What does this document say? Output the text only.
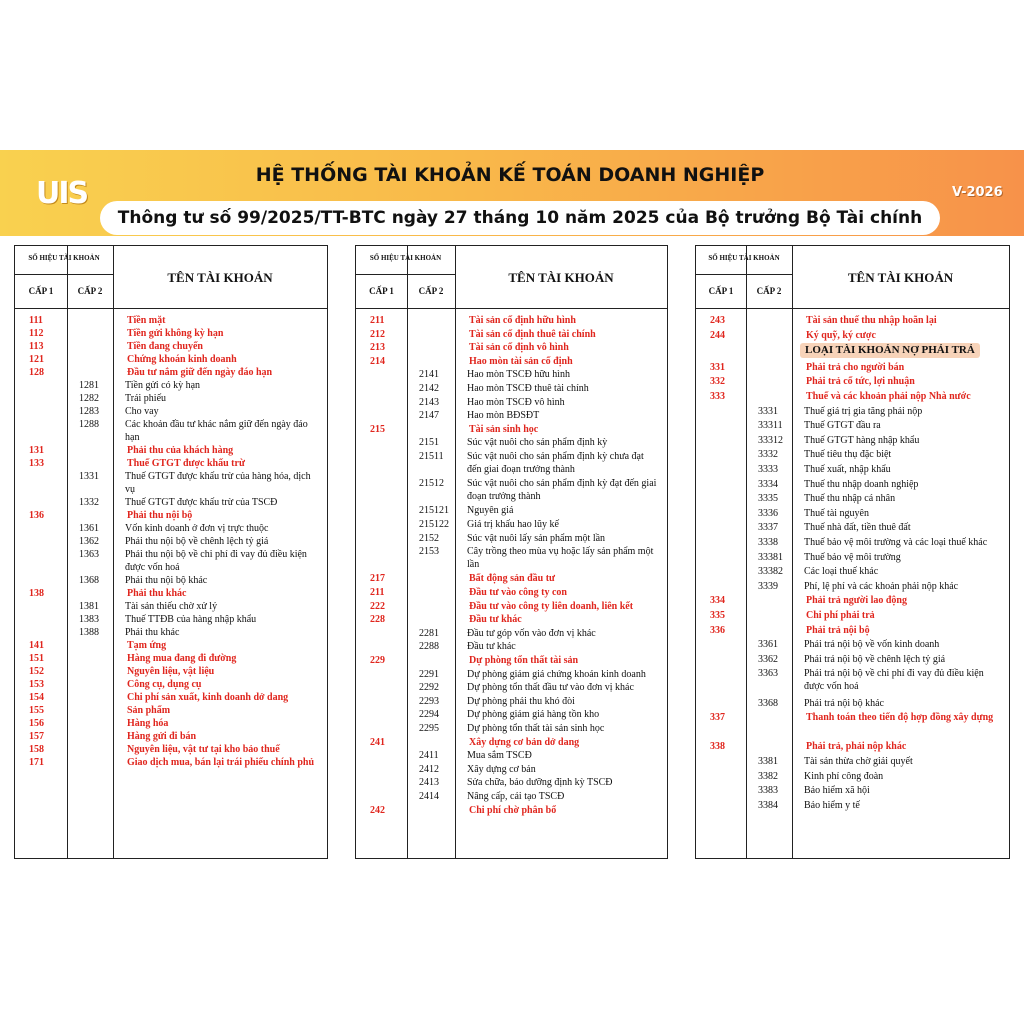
UIS
HỆ THỐNG TÀI KHOẢN KẾ TOÁN DOANH NGHIỆP
Thông tư số 99/2025/TT-BTC ngày 27 tháng 10 năm 2025 của Bộ trưởng Bộ Tài chính
V-2026
SỐ HIỆU TÀI KHOẢN
CẤP 1	CẤP 2
TÊN TÀI KHOẢN
111	Tiền mặt
112	Tiền gửi không kỳ hạn
113	Tiền đang chuyển
121	Chứng khoán kinh doanh
128	Đầu tư nắm giữ đến ngày đáo hạn
1281	Tiền gửi có kỳ hạn
1282	Trái phiếu
1283	Cho vay
1288	Các khoản đầu tư khác nắm giữ đến ngày đáo hạn
131	Phải thu của khách hàng
133	Thuế GTGT được khấu trừ
1331	Thuế GTGT được khấu trừ của hàng hóa, dịch vụ
1332	Thuế GTGT được khấu trừ của TSCĐ
136	Phải thu nội bộ
1361	Vốn kinh doanh ở đơn vị trực thuộc
1362	Phải thu nội bộ về chênh lệch tỷ giá
1363	Phải thu nội bộ về chi phí đi vay đủ điều kiện được vốn hoá
1368	Phải thu nội bộ khác
138	Phải thu khác
1381	Tài sản thiếu chờ xử lý
1383	Thuế TTĐB của hàng nhập khẩu
1388	Phải thu khác
141	Tạm ứng
151	Hàng mua đang đi đường
152	Nguyên liệu, vật liệu
153	Công cụ, dụng cụ
154	Chi phí sản xuất, kinh doanh dở dang
155	Sản phẩm
156	Hàng hóa
157	Hàng gửi đi bán
158	Nguyên liệu, vật tư tại kho bảo thuế
171	Giao dịch mua, bán lại trái phiếu chính phủ
SỐ HIỆU TÀI KHOẢN
CẤP 1	CẤP 2
TÊN TÀI KHOẢN
211	Tài sản cố định hữu hình
212	Tài sản cố định thuê tài chính
213	Tài sản cố định vô hình
214	Hao mòn tài sản cố định
2141	Hao mòn TSCĐ hữu hình
2142	Hao mòn TSCĐ thuê tài chính
2143	Hao mòn TSCĐ vô hình
2147	Hao mòn BĐSĐT
215	Tài sản sinh học
2151	Súc vật nuôi cho sản phẩm định kỳ
21511 Súc vật nuôi cho sản phẩm định kỳ chưa đạt đến giai đoạn trưởng thành
21512 Súc vật nuôi cho sản phẩm định kỳ đạt đến giai đoạn trưởng thành
215121 Nguyên giá
215122 Giá trị khấu hao lũy kế
2152	Súc vật nuôi lấy sản phẩm một lần
2153	Cây trồng theo mùa vụ hoặc lấy sản phẩm một lần
217	Bất động sản đầu tư
211	Đầu tư vào công ty con
222	Đầu tư vào công ty liên doanh, liên kết
228	Đầu tư khác
2281	Đầu tư góp vốn vào đơn vị khác
2288	Đầu tư khác
229	Dự phòng tổn thất tài sản
2291	Dự phòng giảm giá chứng khoán kinh doanh
2292	Dự phòng tổn thất đầu tư vào đơn vị khác
2293	Dự phòng phải thu khó đòi
2294	Dự phòng giảm giá hàng tồn kho
2295	Dự phòng tổn thất tài sản sinh học
241	Xây dựng cơ bản dở dang
2411	Mua sắm TSCĐ
2412	Xây dựng cơ bản
2413	Sửa chữa, bảo dưỡng định kỳ TSCĐ
2414	Nâng cấp, cải tạo TSCĐ
242	Chi phí chờ phân bổ
SỐ HIỆU TÀI KHOẢN
CẤP 1	CẤP 2
TÊN TÀI KHOẢN
243	Tài sản thuế thu nhập hoãn lại
244	Ký quỹ, ký cược
LOẠI TÀI KHOẢN NỢ PHẢI TRẢ
331	Phải trả cho người bán
332	Phải trả cổ tức, lợi nhuận
333	Thuế và các khoản phải nộp Nhà nước
3331	Thuế giá trị gia tăng phải nộp
33311 Thuế GTGT đầu ra
33312 Thuế GTGT hàng nhập khẩu
3332	Thuế tiêu thụ đặc biệt
3333	Thuế xuất, nhập khẩu
3334	Thuế thu nhập doanh nghiệp
3335	Thuế thu nhập cá nhân
3336	Thuế tài nguyên
3337	Thuế nhà đất, tiền thuê đất
3338	Thuế bảo vệ môi trường và các loại thuế khác
33381 Thuế bảo vệ môi trường
33382 Các loại thuế khác
3339	Phí, lệ phí và các khoản phải nộp khác
334	Phải trả người lao động
335	Chi phí phải trả
336	Phải trả nội bộ
3361	Phải trả nội bộ về vốn kinh doanh
3362	Phải trả nội bộ về chênh lệch tỷ giá
3363	Phải trả nội bộ về chi phí đi vay đủ điều kiện được vốn hoá
3368	Phải trả nội bộ khác
337	Thanh toán theo tiến độ hợp đồng xây dựng
338	Phải trả, phải nộp khác
3381	Tài sản thừa chờ giải quyết
3382	Kinh phí công đoàn
3383	Bảo hiểm xã hội
3384	Bảo hiểm y tế
